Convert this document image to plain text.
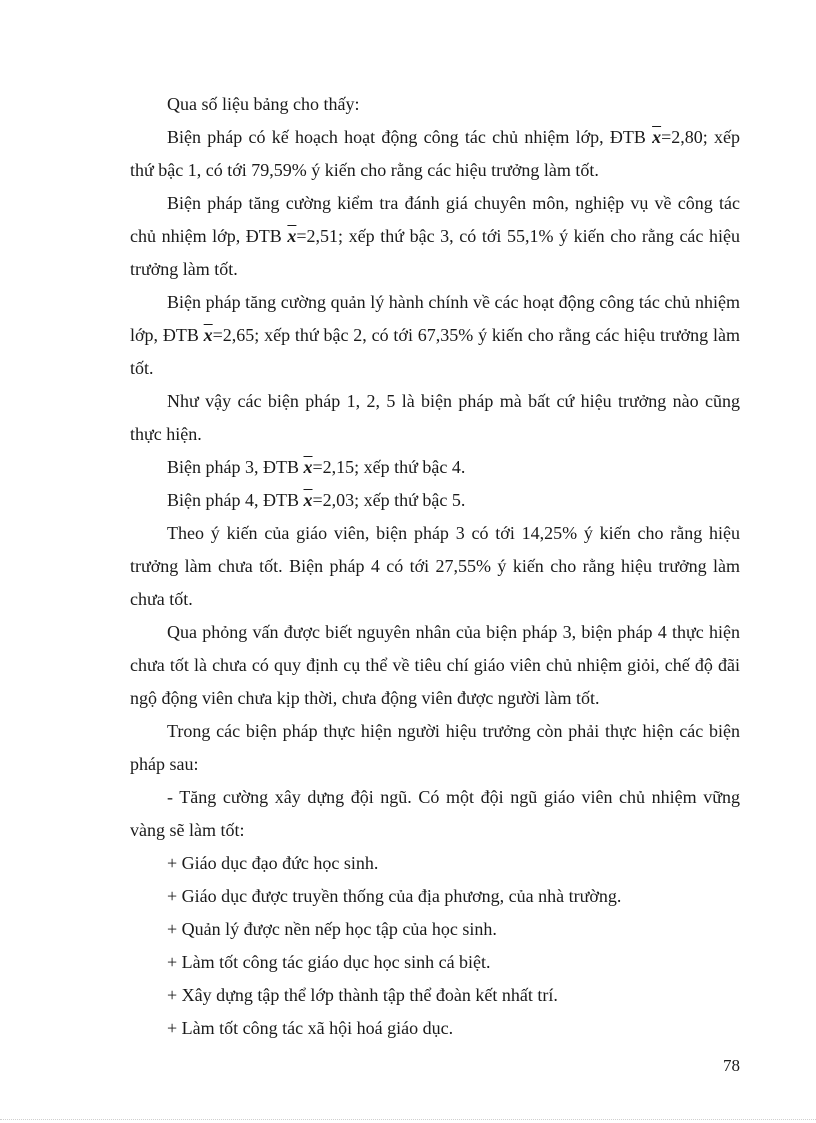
Qua số liệu bảng cho thấy:

Biện pháp có kế hoạch hoạt động công tác chủ nhiệm lớp, ĐTB $\overline{x}=2,80$; xếp thứ bậc 1, có tới 79,59% ý kiến cho rằng các hiệu trưởng làm tốt.

Biện pháp tăng cường kiểm tra đánh giá chuyên môn, nghiệp vụ về công tác chủ nhiệm lớp, ĐTB $\overline{x}=2,51$; xếp thứ bậc 3, có tới 55,1% ý kiến cho rằng các hiệu trưởng làm tốt.

Biện pháp tăng cường quản lý hành chính về các hoạt động công tác chủ nhiệm lớp, ĐTB $\overline{x}=2,65$; xếp thứ bậc 2, có tới 67,35% ý kiến cho rằng các hiệu trưởng làm tốt.

Như vậy các biện pháp 1, 2, 5 là biện pháp mà bất cứ hiệu trưởng nào cũng thực hiện.

Biện pháp 3, ĐTB $\overline{x}=2,15$; xếp thứ bậc 4.

Biện pháp 4, ĐTB $\overline{x}=2,03$; xếp thứ bậc 5.

Theo ý kiến của giáo viên, biện pháp 3 có tới 14,25% ý kiến cho rằng hiệu trưởng làm chưa tốt. Biện pháp 4 có tới 27,55% ý kiến cho rằng hiệu trưởng làm chưa tốt.

Qua phỏng vấn được biết nguyên nhân của biện pháp 3, biện pháp 4 thực hiện chưa tốt là chưa có quy định cụ thể về tiêu chí giáo viên chủ nhiệm giỏi, chế độ đãi ngộ động viên chưa kịp thời, chưa động viên được người làm tốt.

Trong các biện pháp thực hiện người hiệu trưởng còn phải thực hiện các biện pháp sau:

- Tăng cường xây dựng đội ngũ. Có một đội ngũ giáo viên chủ nhiệm vững vàng sẽ làm tốt:

+ Giáo dục đạo đức học sinh.

+ Giáo dục được truyền thống của địa phương, của nhà trường.

+ Quản lý được nền nếp học tập của học sinh.

+ Làm tốt công tác giáo dục học sinh cá biệt.

+ Xây dựng tập thể lớp thành tập thể đoàn kết nhất trí.

+ Làm tốt công tác xã hội hoá giáo dục.

78
